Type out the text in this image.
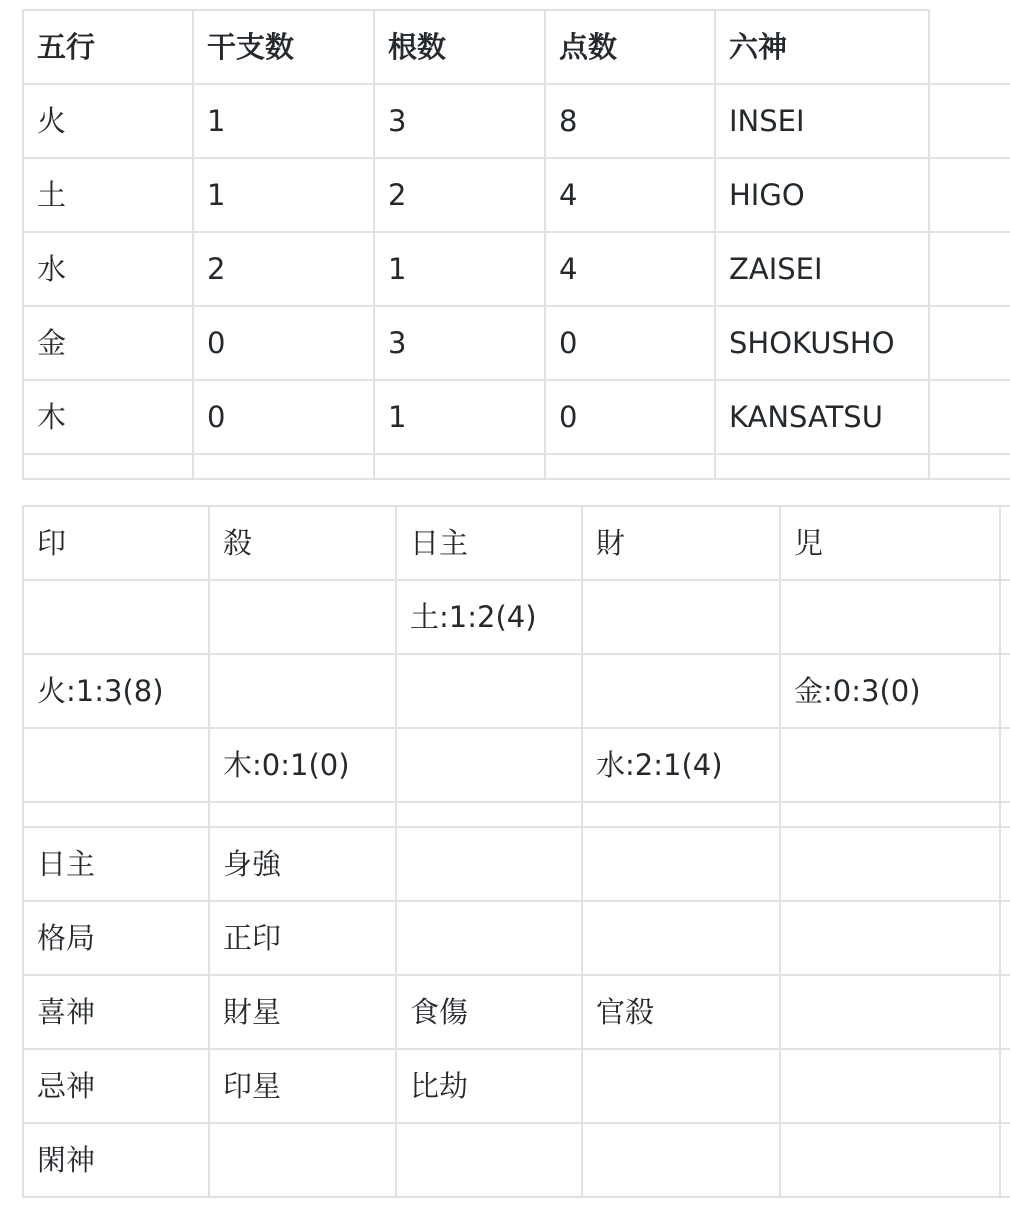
五行	干支数	根数	点数	六神	
火	1	3	8	INSEI	
土	1	2	4	HIGO	
水	2	1	4	ZAISEI	
金	0	3	0	SHOKUSHO	
木	0	1	0	KANSATSU	

印	殺	日主	財	児	
		土:1:2(4)			
火:1:3(8)				金:0:3(0)	
	木:0:1(0)		水:2:1(4)		

日主	身強				
格局	正印				
喜神	財星	食傷	官殺		
忌神	印星	比劫			
閑神					
